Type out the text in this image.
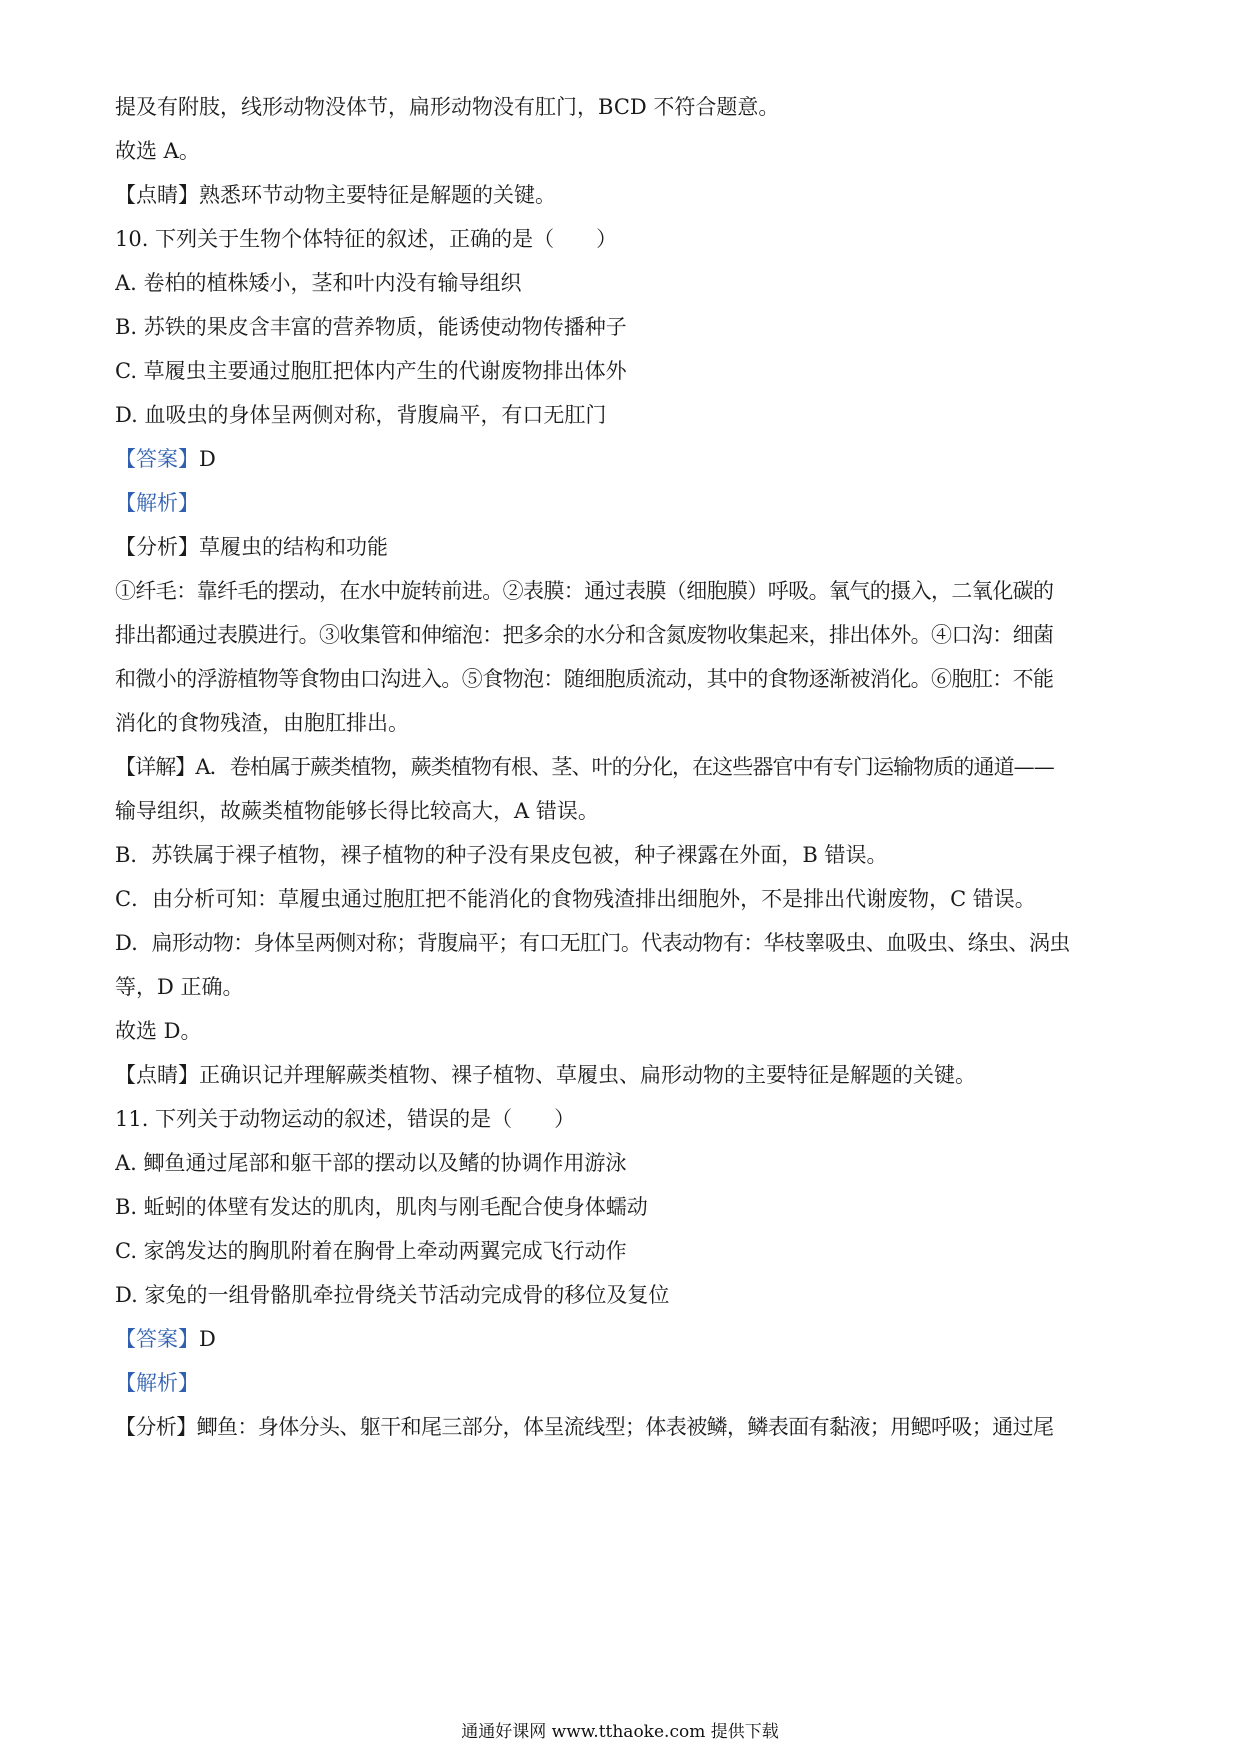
提及有附肢，线形动物没体节，扁形动物没有肛门，BCD 不符合题意。
故选 A。
【点睛】熟悉环节动物主要特征是解题的关键。
10. 下列关于生物个体特征的叙述，正确的是（　　）
A. 卷柏的植株矮小，茎和叶内没有输导组织
B. 苏铁的果皮含丰富的营养物质，能诱使动物传播种子
C. 草履虫主要通过胞肛把体内产生的代谢废物排出体外
D. 血吸虫的身体呈两侧对称，背腹扁平，有口无肛门
【答案】D
【解析】
【分析】草履虫的结构和功能
①纤毛：靠纤毛的摆动，在水中旋转前进。②表膜：通过表膜（细胞膜）呼吸。氧气的摄入，二氧化碳的
排出都通过表膜进行。③收集管和伸缩泡：把多余的水分和含氮废物收集起来，排出体外。④口沟：细菌
和微小的浮游植物等食物由口沟进入。⑤食物泡：随细胞质流动，其中的食物逐渐被消化。⑥胞肛：不能
消化的食物残渣，由胞肛排出。
【详解】A．卷柏属于蕨类植物，蕨类植物有根、茎、叶的分化，在这些器官中有专门运输物质的通道——
输导组织，故蕨类植物能够长得比较高大，A 错误。
B．苏铁属于裸子植物，裸子植物的种子没有果皮包被，种子裸露在外面，B 错误。
C．由分析可知：草履虫通过胞肛把不能消化的食物残渣排出细胞外，不是排出代谢废物，C 错误。
D．扁形动物：身体呈两侧对称；背腹扁平；有口无肛门。代表动物有：华枝睾吸虫、血吸虫、绦虫、涡虫
等，D 正确。
故选 D。
【点睛】正确识记并理解蕨类植物、裸子植物、草履虫、扁形动物的主要特征是解题的关键。
11. 下列关于动物运动的叙述，错误的是（　　）
A. 鲫鱼通过尾部和躯干部的摆动以及鳍的协调作用游泳
B. 蚯蚓的体壁有发达的肌肉，肌肉与刚毛配合使身体蠕动
C. 家鸽发达的胸肌附着在胸骨上牵动两翼完成飞行动作
D. 家兔的一组骨骼肌牵拉骨绕关节活动完成骨的移位及复位
【答案】D
【解析】
【分析】鲫鱼：身体分头、躯干和尾三部分，体呈流线型；体表被鳞，鳞表面有黏液；用鳃呼吸；通过尾
通通好课网 www.tthaoke.com 提供下载
